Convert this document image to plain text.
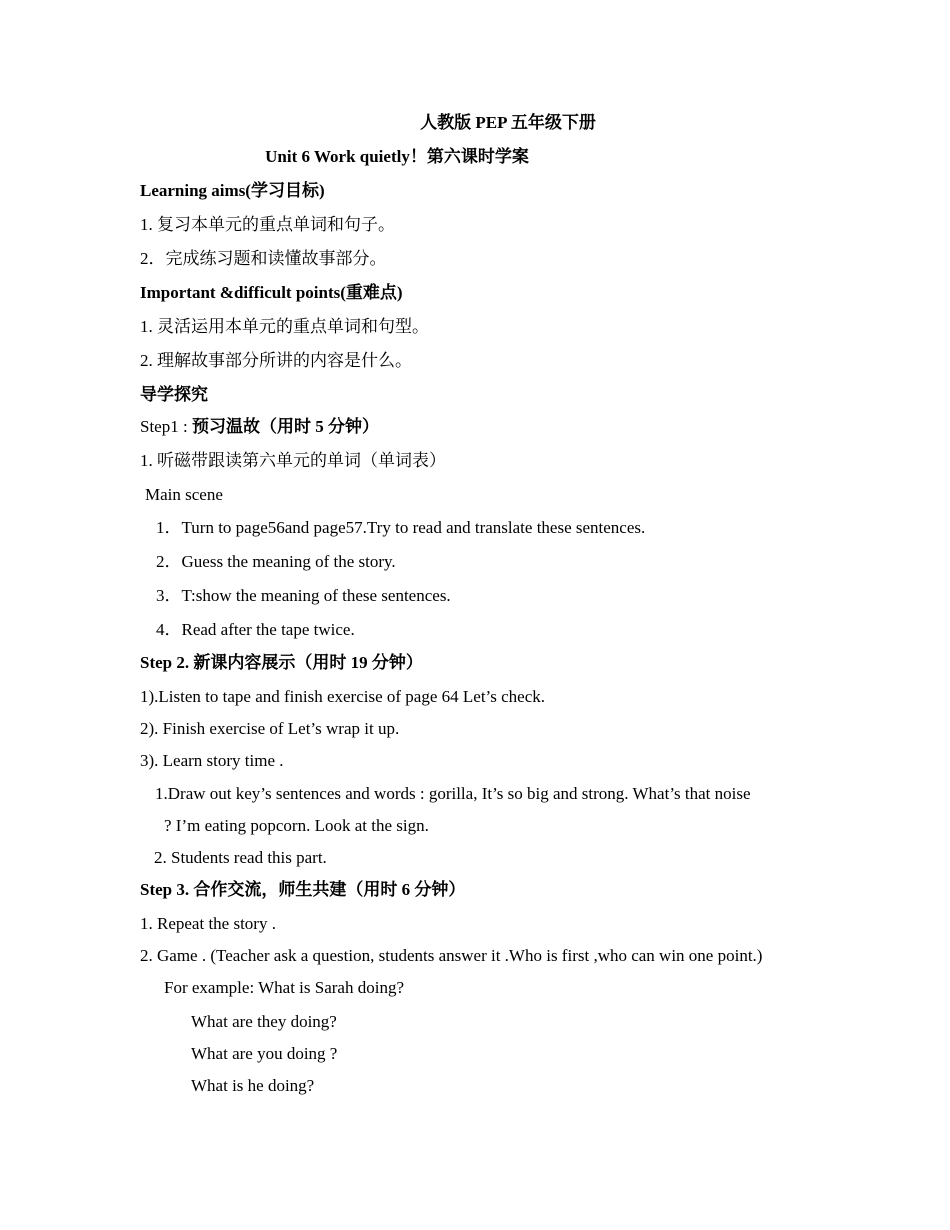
人教版 PEP 五年级下册

Unit 6 Work quietly！第六课时学案

Learning aims(学习目标)

1. 复习本单元的重点单词和句子。

2．完成练习题和读懂故事部分。

Important &difficult points(重难点)

1. 灵活运用本单元的重点单词和句型。

2. 理解故事部分所讲的内容是什么。

导学探究

Step1 : 预习温故（用时 5 分钟）

1. 听磁带跟读第六单元的单词（单词表）

Main scene

1．Turn to page56and page57.Try to read and translate these sentences.

2．Guess the meaning of the story.

3．T:show the meaning of these sentences.

4．Read after the tape twice.

Step 2. 新课内容展示（用时 19 分钟）

1).Listen to tape and finish exercise of page 64 Let’s check.

2). Finish exercise of Let’s wrap it up.

3). Learn story time .

1.Draw out key’s sentences and words : gorilla, It’s so big and strong. What’s that noise

? I’m eating popcorn. Look at the sign.

2. Students read this part.

Step 3. 合作交流，师生共建（用时 6 分钟）

1. Repeat the story .

2. Game . (Teacher ask a question, students answer it .Who is first ,who can win one point.)

For example: What is Sarah doing?

What are they doing?

What are you doing ?

What is he doing?
